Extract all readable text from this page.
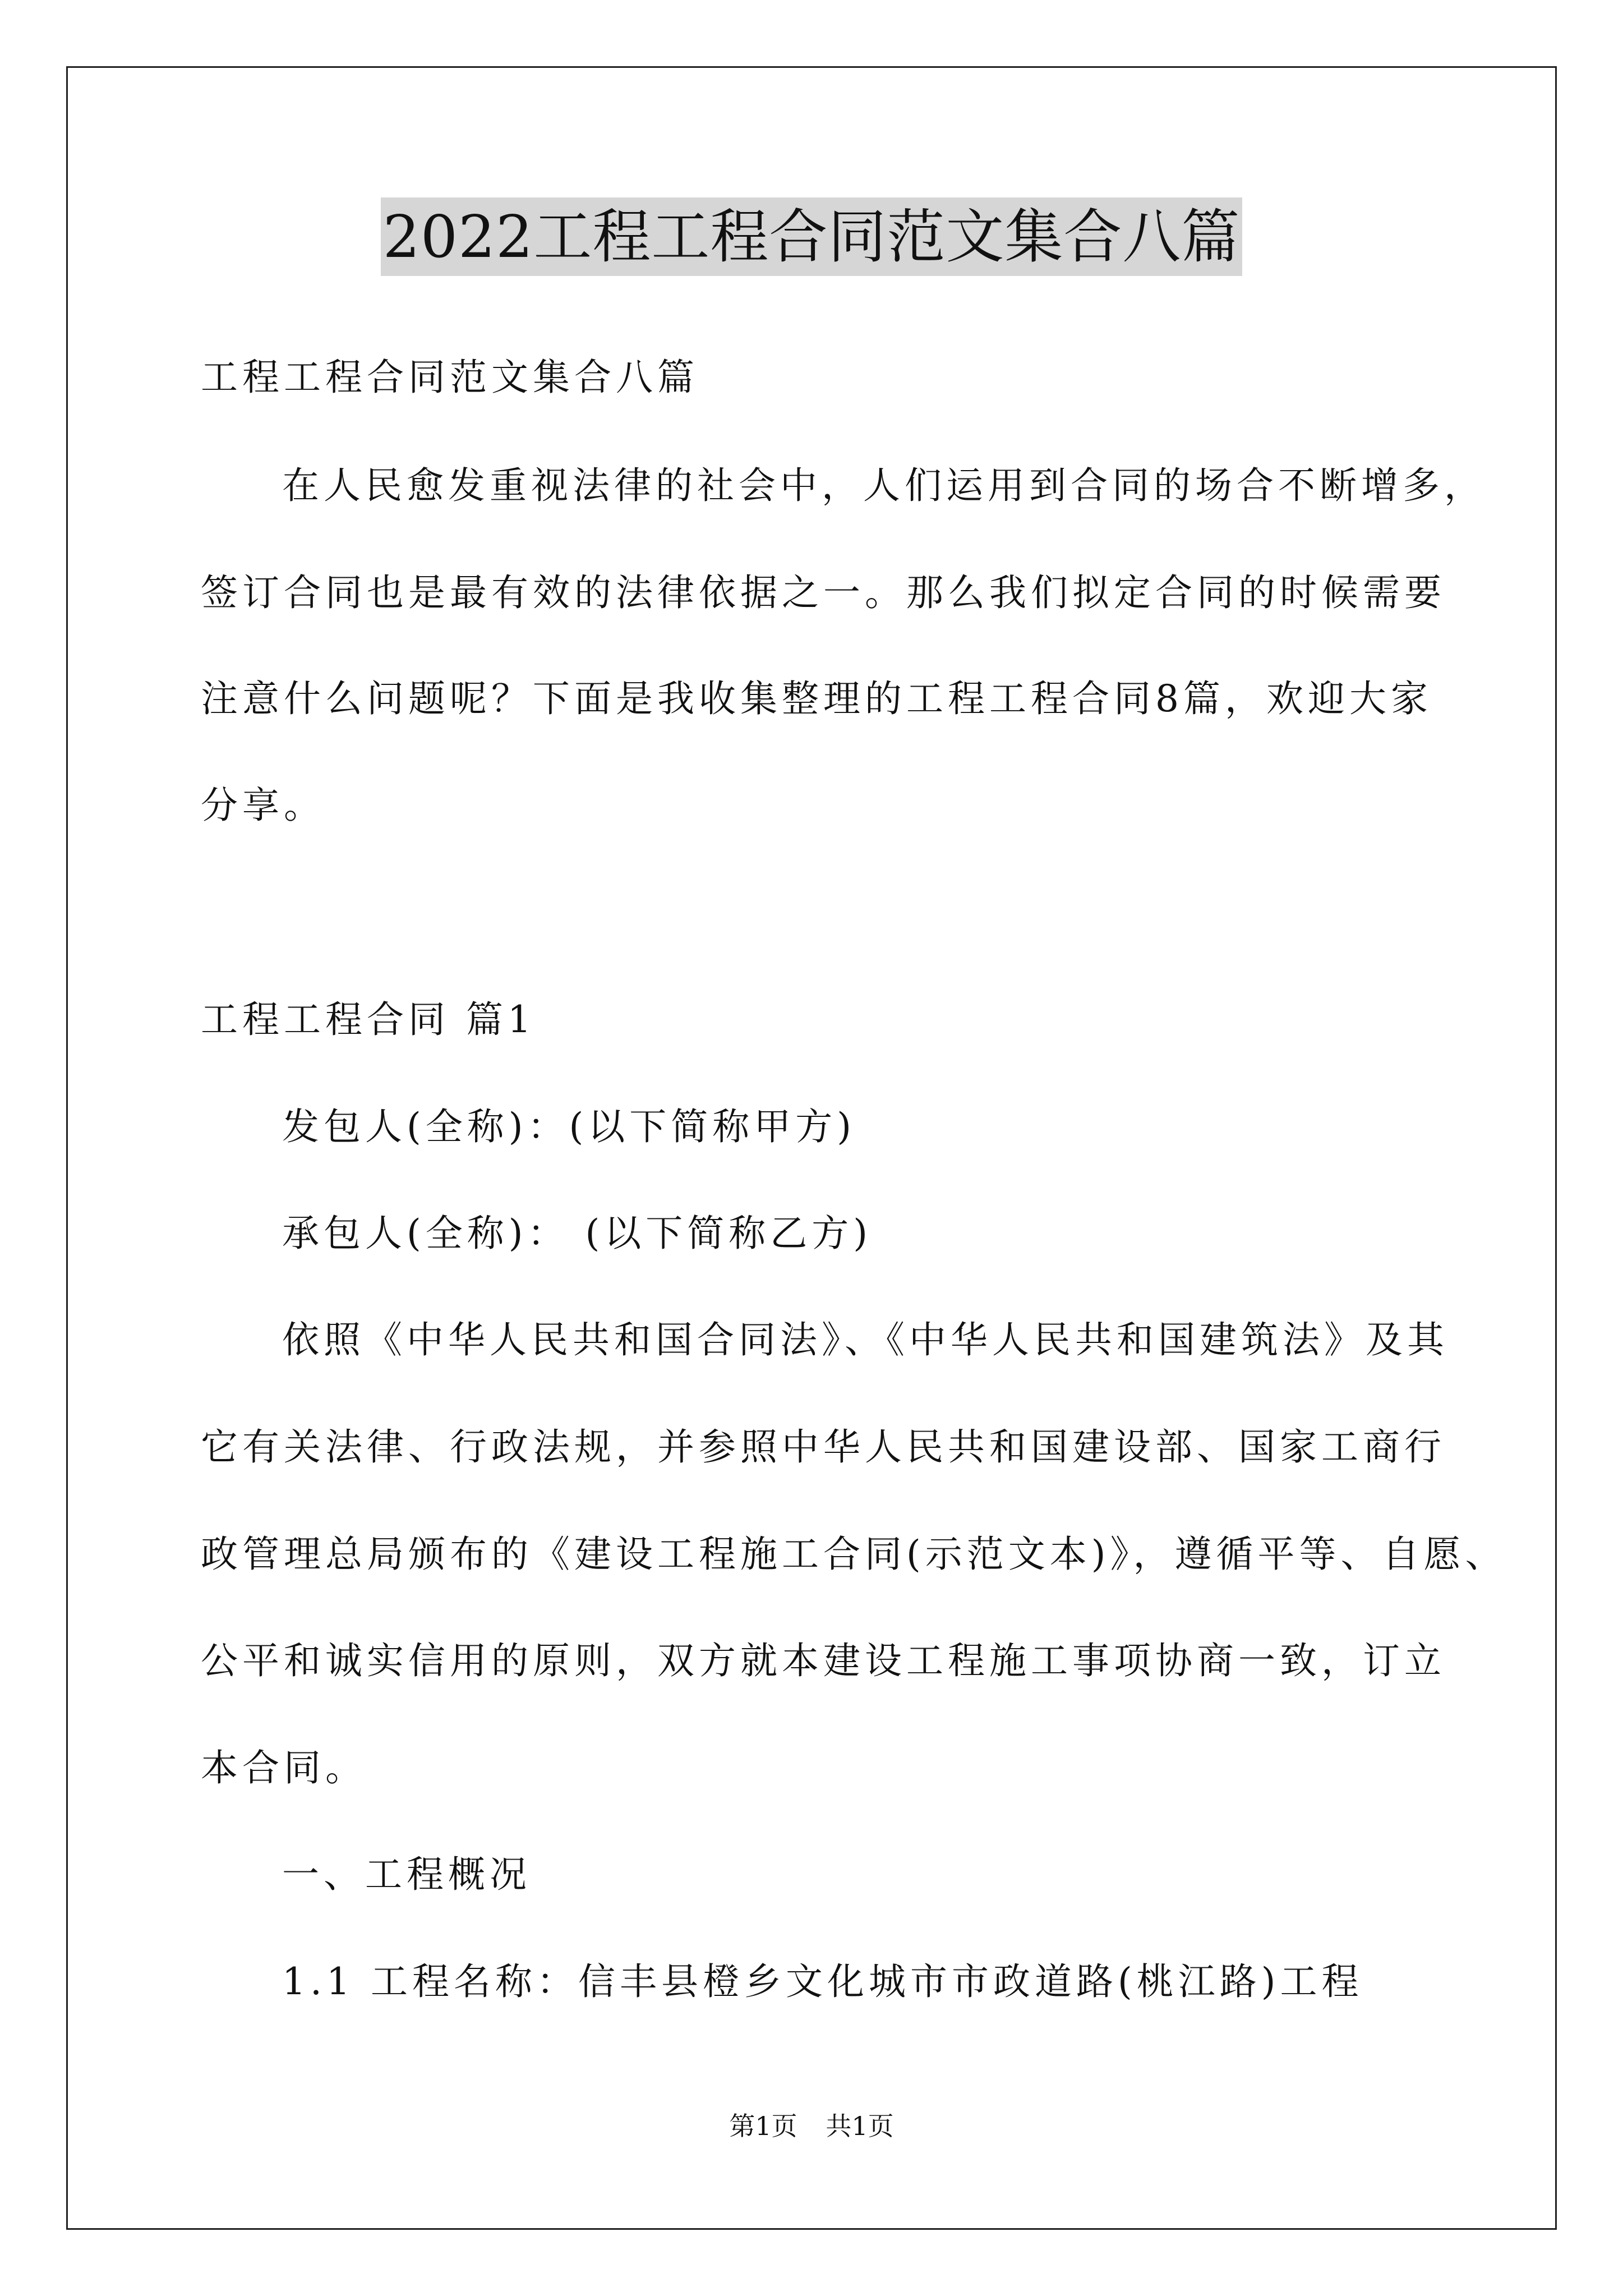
2022工程工程合同范文集合八篇
工程工程合同范文集合八篇
在人民愈发重视法律的社会中，人们运用到合同的场合不断增多，
签订合同也是最有效的法律依据之一。那么我们拟定合同的时候需要
注意什么问题呢？下面是我收集整理的工程工程合同8篇，欢迎大家
分享。
工程工程合同 篇1
发包人(全称)：(以下简称甲方)
承包人(全称)： (以下简称乙方)
依照《中华人民共和国合同法》、《中华人民共和国建筑法》及其
它有关法律、行政法规，并参照中华人民共和国建设部、国家工商行
政管理总局颁布的《建设工程施工合同(示范文本)》，遵循平等、自愿、
公平和诚实信用的原则，双方就本建设工程施工事项协商一致，订立
本合同。
一、工程概况
1.1 工程名称：信丰县橙乡文化城市市政道路(桃江路)工程
第1页 共1页
